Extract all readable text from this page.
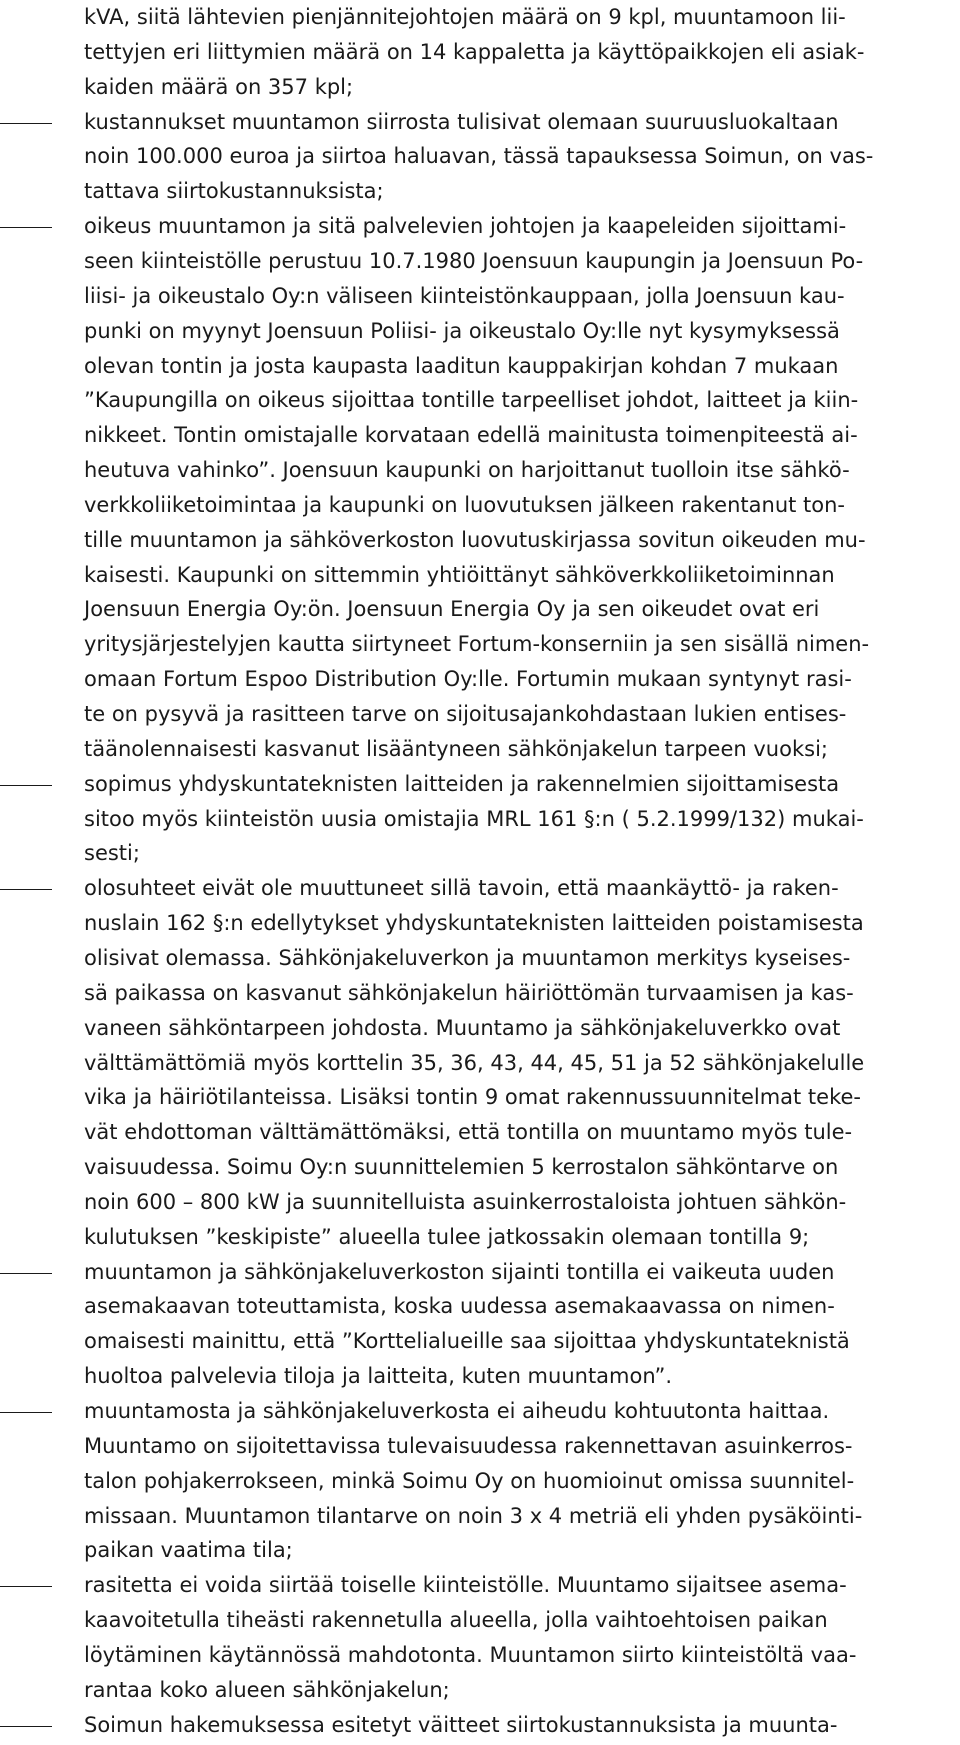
kVA, siitä lähtevien pienjännitejohtojen määrä on 9 kpl, muuntamoon lii-
tettyjen eri liittymien määrä on 14 kappaletta ja käyttöpaikkojen eli asiak-
kaiden määrä on 357 kpl;
kustannukset muuntamon siirrosta tulisivat olemaan suuruusluokaltaan
noin 100.000 euroa ja siirtoa haluavan, tässä tapauksessa Soimun, on vas-
tattava siirtokustannuksista;
oikeus muuntamon ja sitä palvelevien johtojen ja kaapeleiden sijoittami-
seen kiinteistölle perustuu 10.7.1980 Joensuun kaupungin ja Joensuun Po-
liisi- ja oikeustalo Oy:n väliseen kiinteistönkauppaan, jolla Joensuun kau-
punki on myynyt Joensuun Poliisi- ja oikeustalo Oy:lle nyt kysymyksessä
olevan tontin ja josta kaupasta laaditun kauppakirjan kohdan 7 mukaan
”Kaupungilla on oikeus sijoittaa tontille tarpeelliset johdot, laitteet ja kiin-
nikkeet. Tontin omistajalle korvataan edellä mainitusta toimenpiteestä ai-
heutuva vahinko”. Joensuun kaupunki on harjoittanut tuolloin itse sähkö-
verkkoliiketoimintaa ja kaupunki on luovutuksen jälkeen rakentanut ton-
tille muuntamon ja sähköverkoston luovutuskirjassa sovitun oikeuden mu-
kaisesti. Kaupunki on sittemmin yhtiöittänyt sähköverkkoliiketoiminnan
Joensuun Energia Oy:ön. Joensuun Energia Oy ja sen oikeudet ovat eri
yritysjärjestelyjen kautta siirtyneet Fortum-konserniin ja sen sisällä nimen-
omaan Fortum Espoo Distribution Oy:lle. Fortumin mukaan syntynyt rasi-
te on pysyvä ja rasitteen tarve on sijoitusajankohdastaan lukien entises-
täänolennaisesti kasvanut lisääntyneen sähkönjakelun tarpeen vuoksi;
sopimus yhdyskuntateknisten laitteiden ja rakennelmien sijoittamisesta
sitoo myös kiinteistön uusia omistajia MRL 161 §:n ( 5.2.1999/132) mukai-
sesti;
olosuhteet eivät ole muuttuneet sillä tavoin, että maankäyttö- ja raken-
nuslain 162 §:n edellytykset yhdyskuntateknisten laitteiden poistamisesta
olisivat olemassa. Sähkönjakeluverkon ja muuntamon merkitys kyseises-
sä paikassa on kasvanut sähkönjakelun häiriöttömän turvaamisen ja kas-
vaneen sähköntarpeen johdosta. Muuntamo ja sähkönjakeluverkko ovat
välttämättömiä myös korttelin 35, 36, 43, 44, 45, 51 ja 52 sähkönjakelulle
vika ja häiriötilanteissa. Lisäksi tontin 9 omat rakennussuunnitelmat teke-
vät ehdottoman välttämättömäksi, että tontilla on muuntamo myös tule-
vaisuudessa. Soimu Oy:n suunnittelemien 5 kerrostalon sähköntarve on
noin 600 – 800 kW ja suunnitelluista asuinkerrostaloista johtuen sähkön-
kulutuksen ”keskipiste” alueella tulee jatkossakin olemaan tontilla 9;
muuntamon ja sähkönjakeluverkoston sijainti tontilla ei vaikeuta uuden
asemakaavan toteuttamista, koska uudessa asemakaavassa on nimen-
omaisesti mainittu, että ”Korttelialueille saa sijoittaa yhdyskuntateknistä
huoltoa palvelevia tiloja ja laitteita, kuten muuntamon”.
muuntamosta ja sähkönjakeluverkosta ei aiheudu kohtuutonta haittaa.
Muuntamo on sijoitettavissa tulevaisuudessa rakennettavan asuinkerros-
talon pohjakerrokseen, minkä Soimu Oy on huomioinut omissa suunnitel-
missaan. Muuntamon tilantarve on noin 3 x 4 metriä eli yhden pysäköinti-
paikan vaatima tila;
rasitetta ei voida siirtää toiselle kiinteistölle. Muuntamo sijaitsee asema-
kaavoitetulla tiheästi rakennetulla alueella, jolla vaihtoehtoisen paikan
löytäminen käytännössä mahdotonta. Muuntamon siirto kiinteistöltä vaa-
rantaa koko alueen sähkönjakelun;
Soimun hakemuksessa esitetyt väitteet siirtokustannuksista ja muunta-
